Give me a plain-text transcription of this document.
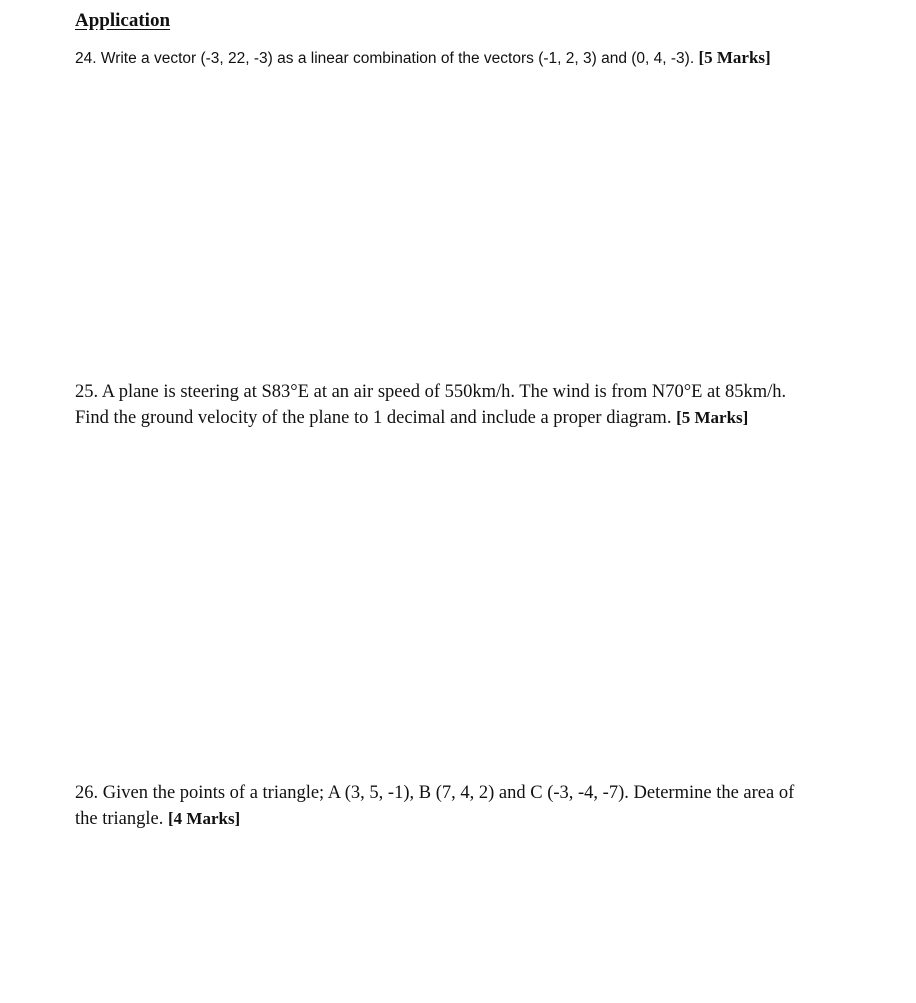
Application

24. Write a vector (-3, 22, -3) as a linear combination of the vectors (-1, 2, 3) and (0, 4, -3). [5 Marks]

25. A plane is steering at S83°E at an air speed of 550km/h. The wind is from N70°E at 85km/h.
Find the ground velocity of the plane to 1 decimal and include a proper diagram. [5 Marks]

26. Given the points of a triangle; A (3, 5, -1), B (7, 4, 2) and C (-3, -4, -7). Determine the area of
the triangle. [4 Marks]
